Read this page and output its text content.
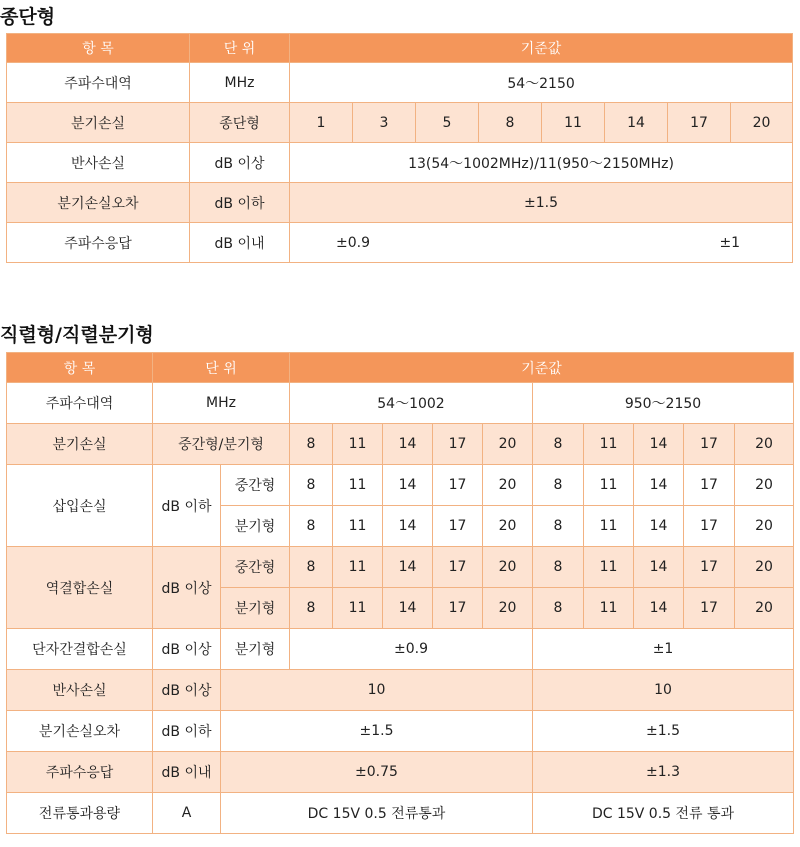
종단형
항 목	단 위	기준값							
주파수대역	MHz	54～2150							
분기손실	종단형	1	3	5	8	11	14	17	20
반사손실	dB 이상	13(54～1002MHz)/11(950～2150MHz)							
분기손실오차	dB 이하	±1.5							
주파수응답	dB 이내	±0.9				±1			
직렬형/직렬분기형
항 목	단 위		기준값									
주파수대역	MHz		54～1002					950～2150				
분기손실	중간형/분기형		8	11	14	17	20	8	11	14	17	20
삽입손실	dB 이하	중간형	8	11	14	17	20	8	11	14	17	20
		분기형	8	11	14	17	20	8	11	14	17	20
역결합손실	dB 이상	중간형	8	11	14	17	20	8	11	14	17	20
		분기형	8	11	14	17	20	8	11	14	17	20
단자간결합손실	dB 이상	분기형	±0.9					±1				
반사손실	dB 이상	10						10				
분기손실오차	dB 이하	±1.5						±1.5				
주파수응답	dB 이내	±0.75						±1.3				
전류통과용량	A	DC 15V 0.5 전류통과						DC 15V 0.5 전류 통과				
